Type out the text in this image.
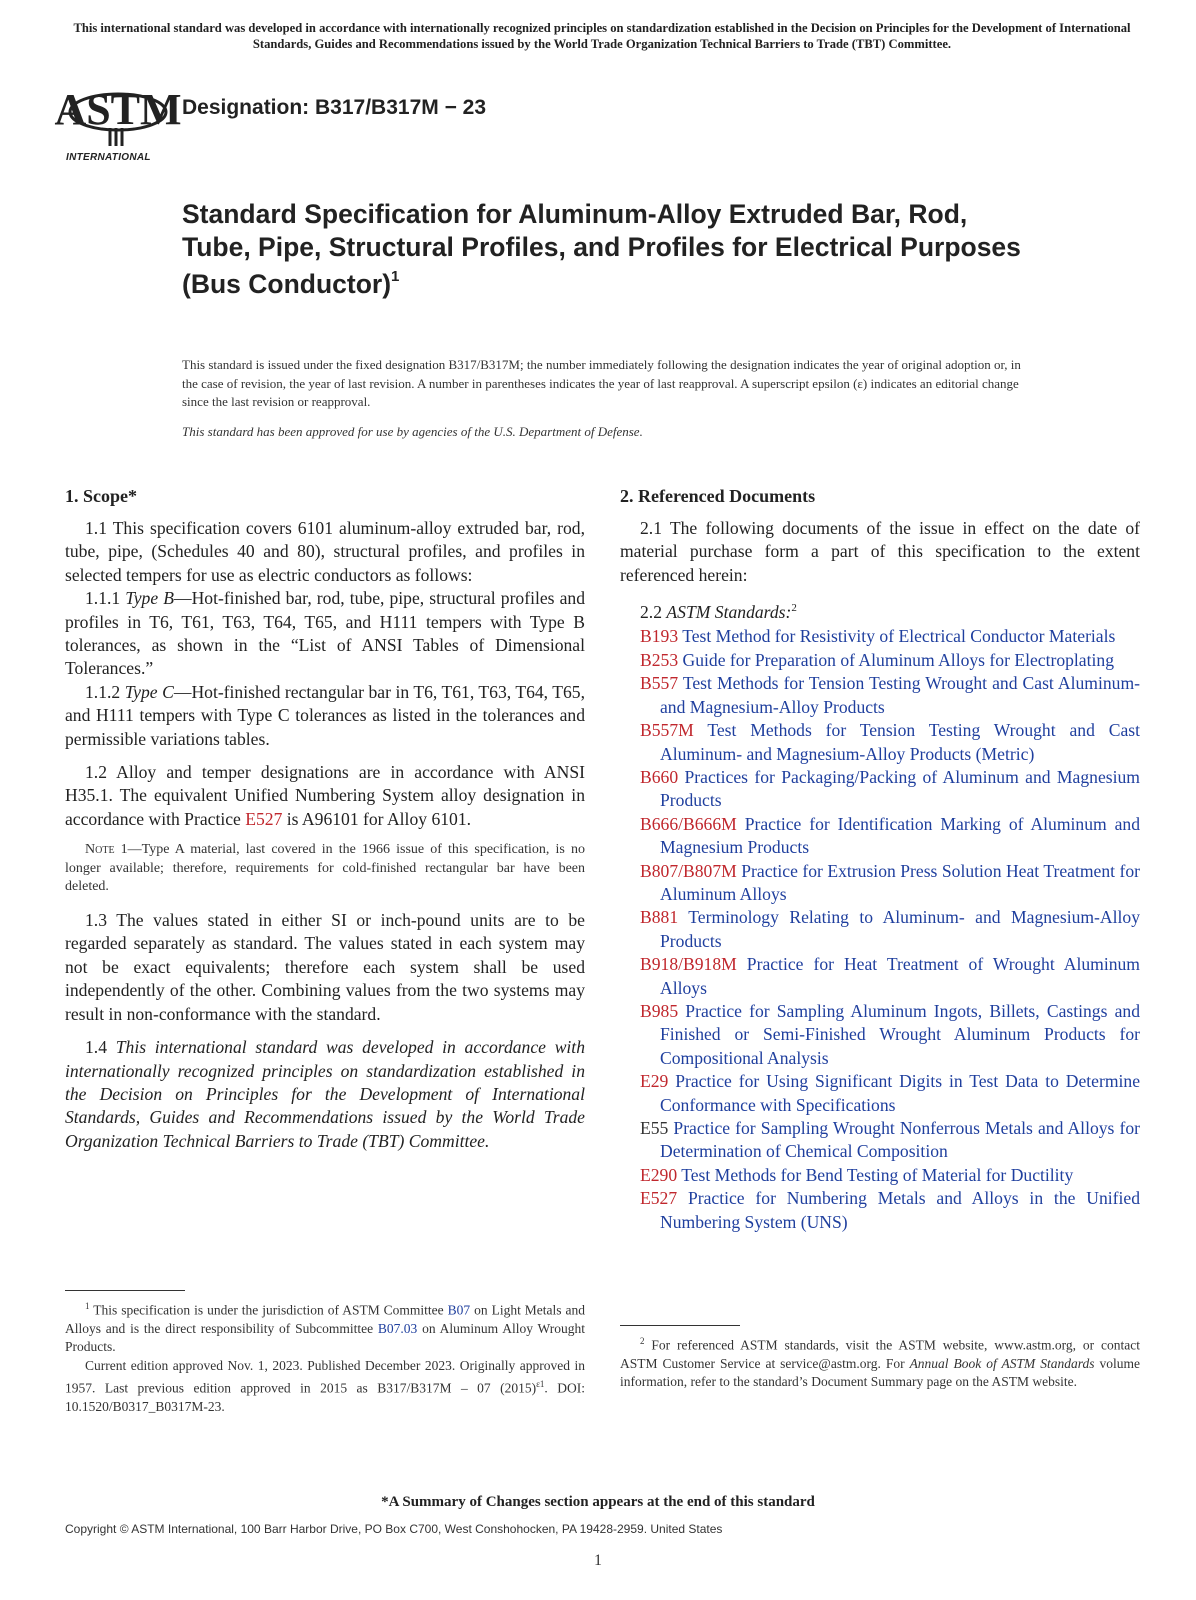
This international standard was developed in accordance with internationally recognized principles on standardization established in the Decision on Principles for the Development of International Standards, Guides and Recommendations issued by the World Trade Organization Technical Barriers to Trade (TBT) Committee.
ASTM
INTERNATIONAL
Designation: B317/B317M − 23
Standard Specification for Aluminum-Alloy Extruded Bar, Rod, Tube, Pipe, Structural Profiles, and Profiles for Electrical Purposes (Bus Conductor)$^1$
This standard is issued under the fixed designation B317/B317M; the number immediately following the designation indicates the year of original adoption or, in the case of revision, the year of last revision. A number in parentheses indicates the year of last reapproval. A superscript epsilon (ε) indicates an editorial change since the last revision or reapproval.
This standard has been approved for use by agencies of the U.S. Department of Defense.
1. Scope*

1.1 This specification covers 6101 aluminum-alloy extruded bar, rod, tube, pipe, (Schedules 40 and 80), structural profiles, and profiles in selected tempers for use as electric conductors as follows:

1.1.1 Type B—Hot-finished bar, rod, tube, pipe, structural profiles and profiles in T6, T61, T63, T64, T65, and H111 tempers with Type B tolerances, as shown in the “List of ANSI Tables of Dimensional Tolerances.”

1.1.2 Type C—Hot-finished rectangular bar in T6, T61, T63, T64, T65, and H111 tempers with Type C tolerances as listed in the tolerances and permissible variations tables.

1.2 Alloy and temper designations are in accordance with ANSI H35.1. The equivalent Unified Numbering System alloy designation in accordance with Practice E527 is A96101 for Alloy 6101.

Note 1—Type A material, last covered in the 1966 issue of this specification, is no longer available; therefore, requirements for cold-finished rectangular bar have been deleted.

1.3 The values stated in either SI or inch-pound units are to be regarded separately as standard. The values stated in each system may not be exact equivalents; therefore each system shall be used independently of the other. Combining values from the two systems may result in non-conformance with the standard.

1.4 This international standard was developed in accordance with internationally recognized principles on standardization established in the Decision on Principles for the Development of International Standards, Guides and Recommendations issued by the World Trade Organization Technical Barriers to Trade (TBT) Committee.

2. Referenced Documents

2.1 The following documents of the issue in effect on the date of material purchase form a part of this specification to the extent referenced herein:

2.2 ASTM Standards:$^2$

B193 Test Method for Resistivity of Electrical Conductor Materials

B253 Guide for Preparation of Aluminum Alloys for Electroplating

B557 Test Methods for Tension Testing Wrought and Cast Aluminum- and Magnesium-Alloy Products

B557M Test Methods for Tension Testing Wrought and Cast Aluminum- and Magnesium-Alloy Products (Metric)

B660 Practices for Packaging/Packing of Aluminum and Magnesium Products

B666/B666M Practice for Identification Marking of Aluminum and Magnesium Products

B807/B807M Practice for Extrusion Press Solution Heat Treatment for Aluminum Alloys

B881 Terminology Relating to Aluminum- and Magnesium-Alloy Products

B918/B918M Practice for Heat Treatment of Wrought Aluminum Alloys

B985 Practice for Sampling Aluminum Ingots, Billets, Castings and Finished or Semi-Finished Wrought Aluminum Products for Compositional Analysis

E29 Practice for Using Significant Digits in Test Data to Determine Conformance with Specifications

E55 Practice for Sampling Wrought Nonferrous Metals and Alloys for Determination of Chemical Composition

E290 Test Methods for Bend Testing of Material for Ductility

E527 Practice for Numbering Metals and Alloys in the Unified Numbering System (UNS)

$^1$ This specification is under the jurisdiction of ASTM Committee B07 on Light Metals and Alloys and is the direct responsibility of Subcommittee B07.03 on Aluminum Alloy Wrought Products.

Current edition approved Nov. 1, 2023. Published December 2023. Originally approved in 1957. Last previous edition approved in 2015 as B317/B317M – 07 $(2015)^{\varepsilon 1}$. DOI: 10.1520/B0317_B0317M-23.

$^2$ For referenced ASTM standards, visit the ASTM website, www.astm.org, or contact ASTM Customer Service at service@astm.org. For Annual Book of ASTM Standards volume information, refer to the standard’s Document Summary page on the ASTM website.

*A Summary of Changes section appears at the end of this standard
Copyright © ASTM International, 100 Barr Harbor Drive, PO Box C700, West Conshohocken, PA 19428-2959. United States
1
